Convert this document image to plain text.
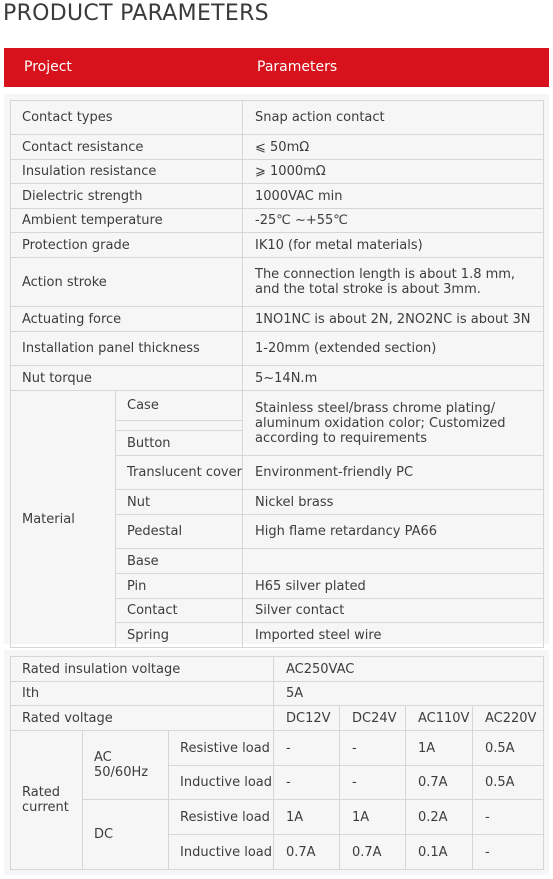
PRODUCT PARAMETERS
Project	Parameters
Contact types		Snap action contact
Contact resistance		⩽ 50mΩ
Insulation resistance		⩾ 1000mΩ
Dielectric strength		1000VAC min
Ambient temperature		-25℃ ~+55℃
Protection grade		IK10 (for metal materials)
Action stroke		The connection length is about 1.8 mm, and the total stroke is about 3mm.
Actuating force		1NO1NC is about 2N, 2NO2NC is about 3N
Installation panel thickness		1-20mm (extended section)
Nut torque		5~14N.m
Material	Case	Stainless steel/brass chrome plating/ aluminum oxidation color; Customized according to requirements

	Button	
	Translucent cover	Environment-friendly PC
	Nut	Nickel brass
	Pedestal	High flame retardancy PA66
	Base	
	Pin	H65 silver plated
	Contact	Silver contact
	Spring	Imported steel wire
Rated insulation voltage			AC250VAC			
Ith			5A			
Rated voltage			DC12V	DC24V	AC110V	AC220V
Rated current	AC 50/60Hz	Resistive load	-	-	1A	0.5A
		Inductive load	-	-	0.7A	0.5A
	DC	Resistive load	1A	1A	0.2A	-
		Inductive load	0.7A	0.7A	0.1A	-
